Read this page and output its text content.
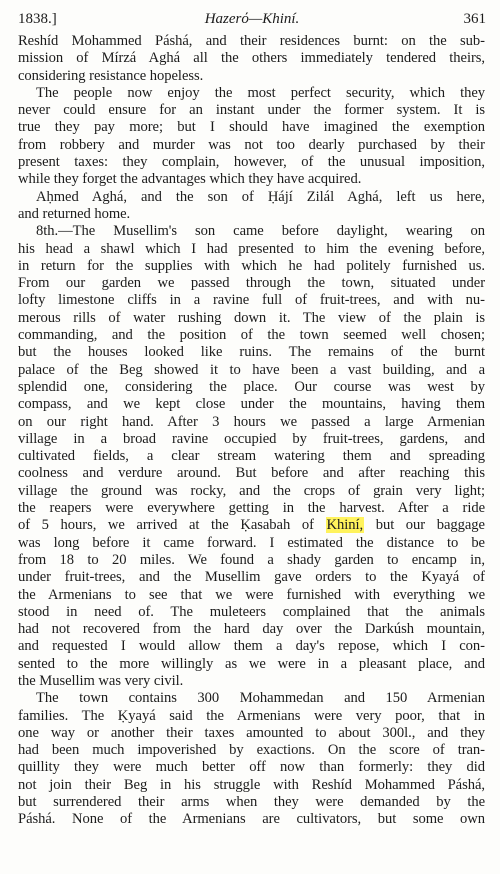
1838.]	Hazerό—Khiní.	361
Reshíd Mohammed Páshá, and their residences burnt: on the sub-
mission of Mírzá Aghá all the others immediately tendered theirs,
considering resistance hopeless.
The people now enjoy the most perfect security, which they
never could ensure for an instant under the former system. It is
true they pay more; but I should have imagined the exemption
from robbery and murder was not too dearly purchased by their
present taxes: they complain, however, of the unusual imposition,
while they forget the advantages which they have acquired.
Aḥmed Aghá, and the son of Ḥájí Zilál Aghá, left us here,
and returned home.
8th.—The Musellim's son came before daylight, wearing on
his head a shawl which I had presented to him the evening before,
in return for the supplies with which he had politely furnished us.
From our garden we passed through the town, situated under
lofty limestone cliffs in a ravine full of fruit-trees, and with nu-
merous rills of water rushing down it. The view of the plain is
commanding, and the position of the town seemed well chosen;
but the houses looked like ruins. The remains of the burnt
palace of the Beg showed it to have been a vast building, and a
splendid one, considering the place. Our course was west by
compass, and we kept close under the mountains, having them
on our right hand. After 3 hours we passed a large Armenian
village in a broad ravine occupied by fruit-trees, gardens, and
cultivated fields, a clear stream watering them and spreading
coolness and verdure around. But before and after reaching this
village the ground was rocky, and the crops of grain very light;
the reapers were everywhere getting in the harvest. After a ride
of 5 hours, we arrived at the Ḳasabah of Khiní, but our baggage
was long before it came forward. I estimated the distance to be
from 18 to 20 miles. We found a shady garden to encamp in,
under fruit-trees, and the Musellim gave orders to the Kyayá of
the Armenians to see that we were furnished with everything we
stood in need of. The muleteers complained that the animals
had not recovered from the hard day over the Darkúsh mountain,
and requested I would allow them a day's repose, which I con-
sented to the more willingly as we were in a pleasant place, and
the Musellim was very civil.
The town contains 300 Mohammedan and 150 Armenian
families. The Ḳyayá said the Armenians were very poor, that in
one way or another their taxes amounted to about 300l., and they
had been much impoverished by exactions. On the score of tran-
quillity they were much better off now than formerly: they did
not join their Beg in his struggle with Reshíd Mohammed Páshá,
but surrendered their arms when they were demanded by the
Páshá. None of the Armenians are cultivators, but some own
